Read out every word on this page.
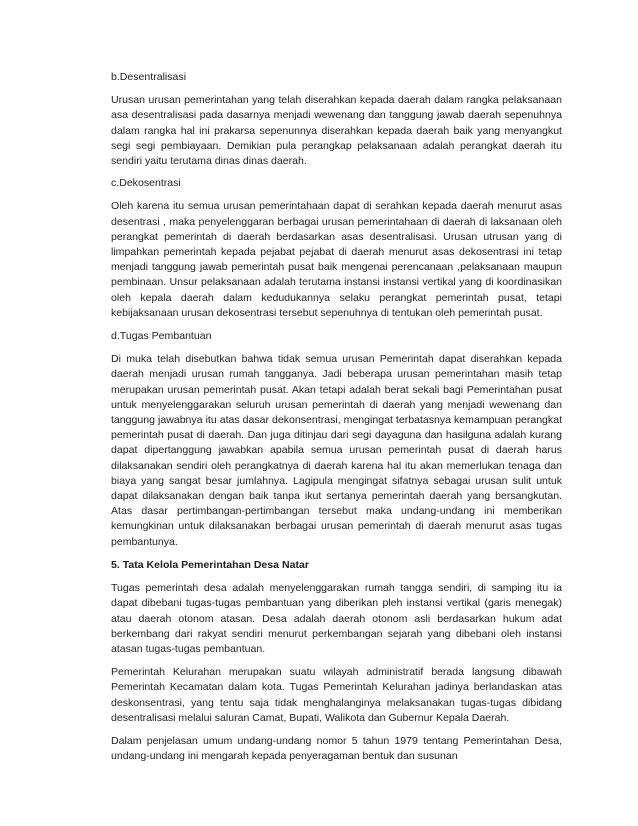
b.Desentralisasi

Urusan urusan pemerintahan yang telah diserahkan kepada daerah dalam rangka pelaksanaan asa desentralisasi pada dasarnya menjadi wewenang dan tanggung jawab daerah sepenuhnya dalam rangka hal ini prakarsa sepenunnya diserahkan kepada daerah baik yang menyangkut segi segi pembiayaan. Demikian pula perangkap pelaksanaan adalah perangkat daerah itu sendiri yaitu terutama dinas dinas daerah.

c.Dekosentrasi

Oleh karena itu semua urusan pemerintahaan dapat di serahkan kepada daerah menurut asas desentrasi , maka penyelenggaran berbagai urusan pemerintahaan di daerah di laksanaan oleh perangkat pemerintah di daerah berdasarkan asas desentralisasi. Urusan utrusan yang di limpahkan pemerintah kepada pejabat pejabat di daerah menurut asas dekosentrasi ini tetap menjadi tanggung jawab pemerintah pusat baik mengenai perencanaan ,pelaksanaan maupun pembinaan. Unsur pelaksanaan adalah terutama instansi instansi vertikal yang di koordinasikan oleh kepala daerah dalam kedudukannya selaku perangkat pemerintah pusat, tetapi kebijaksanaan urusan dekosentrasi tersebut sepenuhnya di tentukan oleh pemerintah pusat.

d.Tugas Pembantuan

Di muka telah disebutkan bahwa tidak semua urusan Pemerintah dapat diserahkan kepada daerah menjadi urusan rumah tangganya. Jadi beberapa urusan pemerintahan masih tetap merupakan urusan pemerintah pusat. Akan tetapi adalah berat sekali bagi Pemerintahan pusat untuk menyelenggarakan seluruh urusan pemerintah di daerah yang menjadi wewenang dan tanggung jawabnya itu atas dasar dekonsentrasi, mengingat terbatasnya kemampuan perangkat pemerintah pusat di daerah. Dan juga ditinjau dari segi dayaguna dan hasilguna adalah kurang dapat dipertanggung jawabkan apabila semua urusan pemerintah pusat di daerah harus dilaksanakan sendiri oleh perangkatnya di daerah karena hal itu akan memerlukan tenaga dan biaya yang sangat besar jumlahnya. Lagipula mengingat sifatnya sebagai urusan sulit untuk dapat dilaksanakan dengan baik tanpa ikut sertanya pemerintah daerah yang bersangkutan. Atas dasar pertimbangan-pertimbangan tersebut maka undang-undang ini memberikan kemungkinan untuk dilaksanakan berbagai urusan pemerintah di daerah menurut asas tugas pembantunya.

5. Tata Kelola Pemerintahan Desa Natar

Tugas pemerintah desa adalah menyelenggarakan rumah tangga sendiri, di samping itu ia dapat dibebani tugas-tugas pembantuan yang diberikan pleh instansi vertikal (garis menegak) atau daerah otonom atasan. Desa adalah daerah otonom asli berdasarkan hukum adat berkembang dari rakyat sendiri menurut perkembangan sejarah yang dibebani oleh instansi atasan tugas-tugas pembantuan.

Pemerintah Kelurahan merupakan suatu wilayah administratif berada langsung dibawah Pemerintah Kecamatan dalam kota. Tugas Pemerintah Kelurahan jadinya berlandaskan atas deskonsentrasi, yang tentu saja tidak menghalanginya melaksanakan tugas-tugas dibidang desentralisasi melalui saluran Camat, Bupati, Walikota dan Gubernur Kepala Daerah.

Dalam penjelasan umum undang-undang nomor 5 tahun 1979 tentang Pemerintahan Desa, undang-undang ini mengarah kepada penyeragaman bentuk dan susunan
